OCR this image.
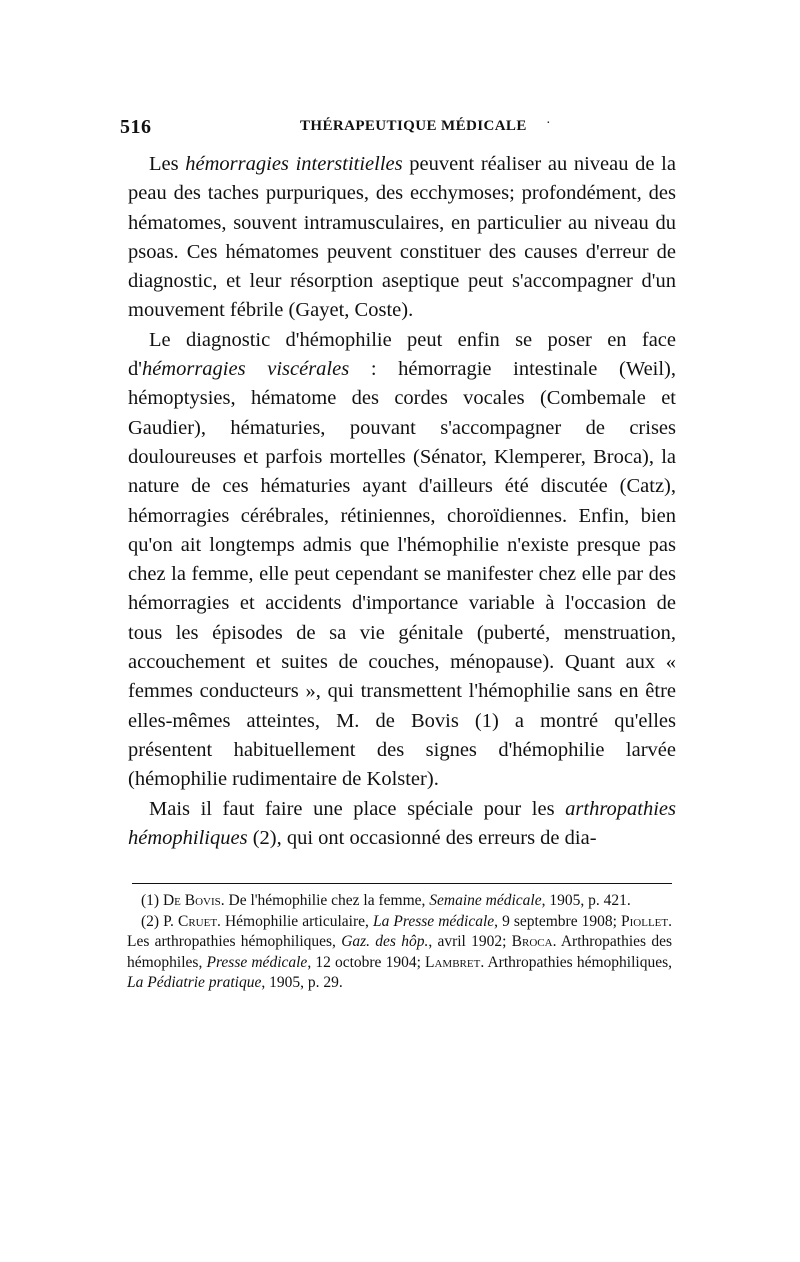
516	THÉRAPEUTIQUE MÉDICALE ·

Les hémorragies interstitielles peuvent réaliser au niveau de la peau des taches purpuriques, des ecchymoses; profondément, des hématomes, souvent intramusculaires, en particulier au niveau du psoas. Ces hématomes peuvent constituer des causes d'erreur de diagnostic, et leur résorption aseptique peut s'accompagner d'un mouvement fébrile (Gayet, Coste).

Le diagnostic d'hémophilie peut enfin se poser en face d'hémorragies viscérales : hémorragie intestinale (Weil), hémoptysies, hématome des cordes vocales (Combemale et Gaudier), hématuries, pouvant s'accompagner de crises douloureuses et parfois mortelles (Sénator, Klemperer, Broca), la nature de ces hématuries ayant d'ailleurs été discutée (Catz), hémorragies cérébrales, rétiniennes, choroïdiennes. Enfin, bien qu'on ait longtemps admis que l'hémophilie n'existe presque pas chez la femme, elle peut cependant se manifester chez elle par des hémorragies et accidents d'importance variable à l'occasion de tous les épisodes de sa vie génitale (puberté, menstruation, accouchement et suites de couches, ménopause). Quant aux « femmes conducteurs », qui transmettent l'hémophilie sans en être elles-mêmes atteintes, M. de Bovis (1) a montré qu'elles présentent habituellement des signes d'hémophilie larvée (hémophilie rudimentaire de Kolster).

Mais il faut faire une place spéciale pour les arthropathies hémophiliques (2), qui ont occasionné des erreurs de dia-

(1) De Bovis. De l'hémophilie chez la femme, Semaine médicale, 1905, p. 421.

(2) P. Cruet. Hémophilie articulaire, La Presse médicale, 9 septembre 1908; Piollet. Les arthropathies hémophiliques, Gaz. des hôp., avril 1902; Broca. Arthropathies des hémophiles, Presse médicale, 12 octobre 1904; Lambret. Arthropathies hémophiliques, La Pédiatrie pratique, 1905, p. 29.
